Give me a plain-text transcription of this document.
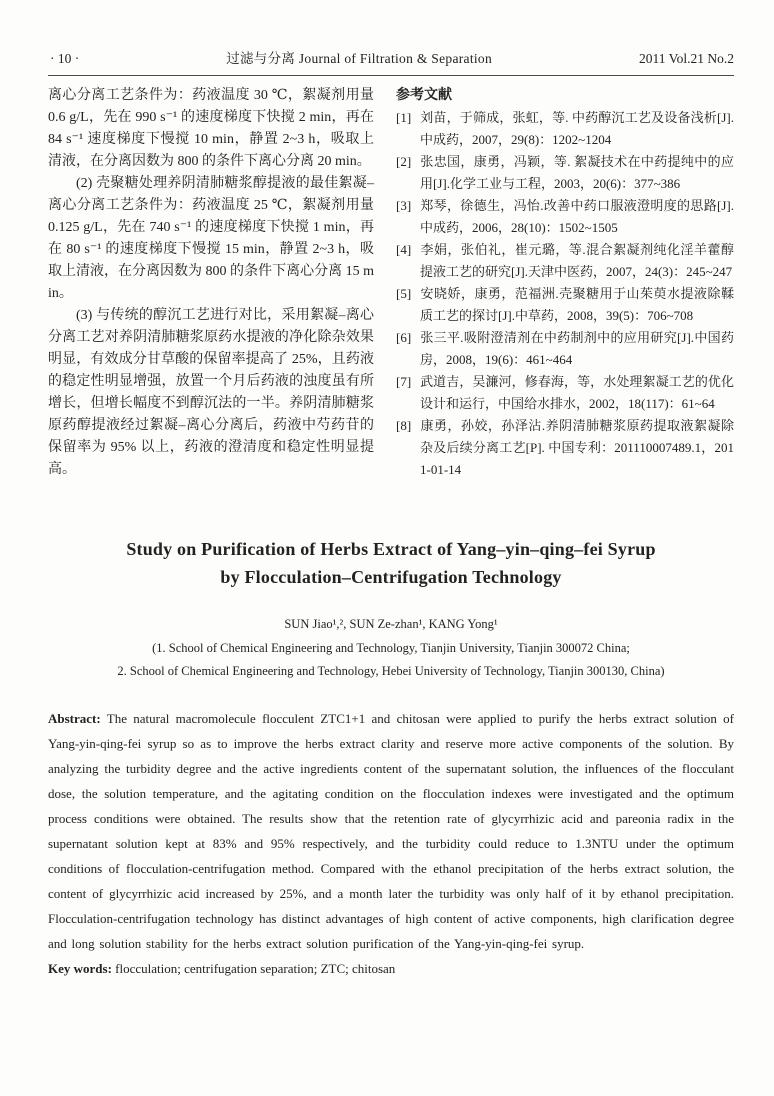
· 10 ·	过滤与分离 Journal of Filtration & Separation	2011 Vol.21 No.2

离心分离工艺条件为：药液温度 30 ℃，絮凝剂用量 0.6 g/L，先在 990 s⁻¹ 的速度梯度下快搅 2 min，再在 84 s⁻¹ 速度梯度下慢搅 10 min，静置 2~3 h，吸取上清液，在分离因数为 800 的条件下离心分离 20 min。

(2) 壳聚糖处理养阴清肺糖浆醇提液的最佳絮凝–离心分离工艺条件为：药液温度 25 ℃，絮凝剂用量 0.125 g/L，先在 740 s⁻¹ 的速度梯度下快搅 1 min，再在 80 s⁻¹ 的速度梯度下慢搅 15 min，静置 2~3 h，吸取上清液，在分离因数为 800 的条件下离心分离 15 min。

(3) 与传统的醇沉工艺进行对比，采用絮凝–离心分离工艺对养阴清肺糖浆原药水提液的净化除杂效果明显，有效成分甘草酸的保留率提高了 25%，且药液的稳定性明显增强，放置一个月后药液的浊度虽有所增长，但增长幅度不到醇沉法的一半。养阴清肺糖浆原药醇提液经过絮凝–离心分离后，药液中芍药苷的保留率为 95% 以上，药液的澄清度和稳定性明显提高。

参考文献
[1] 刘苗，于筛成，张虹，等. 中药醇沉工艺及设备浅析[J].中成药，2007，29(8)：1202~1204
[2] 张忠国，康勇，冯颖，等. 絮凝技术在中药提纯中的应用[J].化学工业与工程，2003，20(6)：377~386
[3] 郑琴，徐德生，冯怡.改善中药口服液澄明度的思路[J].中成药，2006，28(10)：1502~1505
[4] 李娟，张伯礼，崔元璐，等.混合絮凝剂纯化淫羊藿醇提液工艺的研究[J].天津中医药，2007，24(3)：245~247
[5] 安晓娇，康勇，范福洲.壳聚糖用于山茱萸水提液除鞣质工艺的探讨[J].中草药，2008，39(5)：706~708
[6] 张三平.吸附澄清剂在中药制剂中的应用研究[J].中国药房，2008，19(6)：461~464
[7] 武道吉，吴濂河，修春海，等，水处理絮凝工艺的优化设计和运行，中国给水排水，2002，18(117)：61~64
[8] 康勇，孙姣，孙泽沾.养阴清肺糖浆原药提取液絮凝除杂及后续分离工艺[P]. 中国专利：201110007489.1，2011-01-14
Study on Purification of Herbs Extract of Yang–yin–qing–fei Syrup
by Flocculation–Centrifugation Technology

SUN Jiao¹,², SUN Ze-zhan¹, KANG Yong¹

(1. School of Chemical Engineering and Technology, Tianjin University, Tianjin 300072 China;
2. School of Chemical Engineering and Technology, Hebei University of Technology, Tianjin 300130, China)

Abstract: The natural macromolecule flocculent ZTC1+1 and chitosan were applied to purify the herbs extract solution of Yang-yin-qing-fei syrup so as to improve the herbs extract clarity and reserve more active components of the solution. By analyzing the turbidity degree and the active ingredients content of the supernatant solution, the influences of the flocculant dose, the solution temperature, and the agitating condition on the flocculation indexes were investigated and the optimum process conditions were obtained. The results show that the retention rate of glycyrrhizic acid and pareonia radix in the supernatant solution kept at 83% and 95% respectively, and the turbidity could reduce to 1.3NTU under the optimum conditions of flocculation-centrifugation method. Compared with the ethanol precipitation of the herbs extract solution, the content of glycyrrhizic acid increased by 25%, and a month later the turbidity was only half of it by ethanol precipitation. Flocculation-centrifugation technology has distinct advantages of high content of active components, high clarification degree and long solution stability for the herbs extract solution purification of the Yang-yin-qing-fei syrup.

Key words: flocculation; centrifugation separation; ZTC; chitosan
